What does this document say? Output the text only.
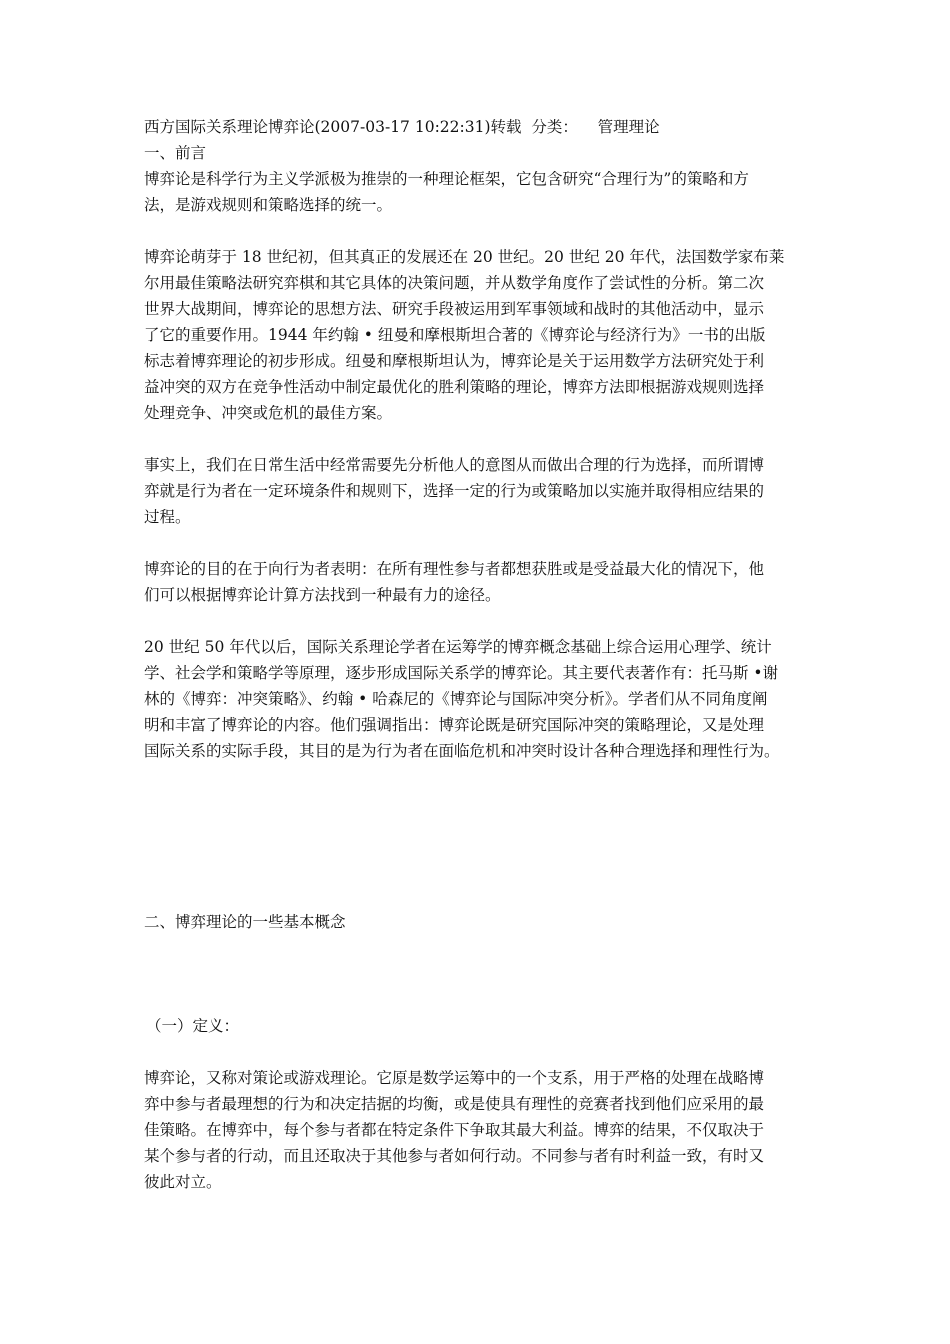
西方国际关系理论博弈论(2007-03-17 10:22:31)转载 分类： 管理理论

一、前言

博弈论是科学行为主义学派极为推崇的一种理论框架，它包含研究“合理行为”的策略和方
法，是游戏规则和策略选择的统一。

博弈论萌芽于 18 世纪初，但其真正的发展还在 20 世纪。20 世纪 20 年代，法国数学家布莱
尔用最佳策略法研究弈棋和其它具体的决策问题，并从数学角度作了尝试性的分析。第二次
世界大战期间，博弈论的思想方法、研究手段被运用到军事领域和战时的其他活动中，显示
了它的重要作用。1944 年约翰 • 纽曼和摩根斯坦合著的《博弈论与经济行为》一书的出版
标志着博弈理论的初步形成。纽曼和摩根斯坦认为，博弈论是关于运用数学方法研究处于利
益冲突的双方在竞争性活动中制定最优化的胜利策略的理论，博弈方法即根据游戏规则选择
处理竞争、冲突或危机的最佳方案。

事实上，我们在日常生活中经常需要先分析他人的意图从而做出合理的行为选择，而所谓博
弈就是行为者在一定环境条件和规则下，选择一定的行为或策略加以实施并取得相应结果的
过程。

博弈论的目的在于向行为者表明：在所有理性参与者都想获胜或是受益最大化的情况下，他
们可以根据博弈论计算方法找到一种最有力的途径。

20 世纪 50 年代以后，国际关系理论学者在运筹学的博弈概念基础上综合运用心理学、统计
学、社会学和策略学等原理，逐步形成国际关系学的博弈论。其主要代表著作有：托马斯 •谢
林的《博弈：冲突策略》、约翰 • 哈森尼的《博弈论与国际冲突分析》。学者们从不同角度阐
明和丰富了博弈论的内容。他们强调指出：博弈论既是研究国际冲突的策略理论，又是处理
国际关系的实际手段，其目的是为行为者在面临危机和冲突时设计各种合理选择和理性行为。

二、博弈理论的一些基本概念

（一）定义：

博弈论，又称对策论或游戏理论。它原是数学运筹中的一个支系，用于严格的处理在战略博
弈中参与者最理想的行为和决定拮据的均衡，或是使具有理性的竞赛者找到他们应采用的最
佳策略。在博弈中，每个参与者都在特定条件下争取其最大利益。博弈的结果，不仅取决于
某个参与者的行动，而且还取决于其他参与者如何行动。不同参与者有时利益一致，有时又
彼此对立。
